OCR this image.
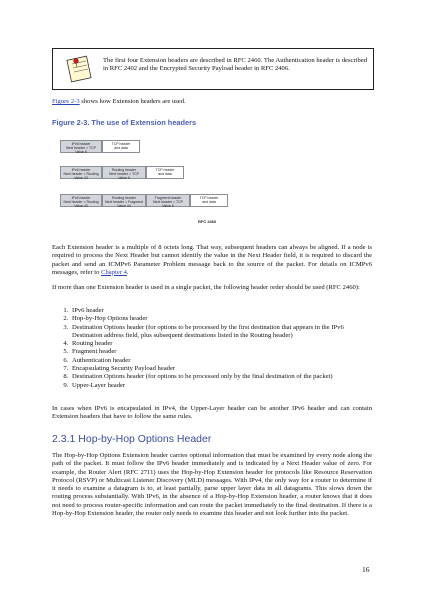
The first four Extension headers are described in RFC 2460. The Authentication header is described in RFC 2402 and the Encrypted Security Payload header in RFC 2406.
Figure 2-3 shows how Extension headers are used.
Figure 2-3. The use of Extension headers
IPv6 header
Next header = TCP
Value 6
TCP header
and data
IPv6 header
Next header = Routing
Value 43
Routing header
Next header = TCP
Value 6
TCP header
and data
IPv6 header
Next header = Routing
Value 43
Routing header
Next header = Fragment
Value 44
Fragment header
Next header = TCP
Value 6
TCP header
and data
RFC 2460
Each Extension header is a multiple of 8 octets long. That way, subsequent headers can always be aligned. If a node is required to process the Next Header but cannot identify the value in the Next Header field, it is required to discard the packet and send an ICMPv6 Parameter Problem message back to the source of the packet. For details on ICMPv6 messages, refer to Chapter 4.
If more than one Extension header is used in a single packet, the following header order should be used (RFC 2460):
1. IPv6 header
2. Hop-by-Hop Options header
3. Destination Options header (for options to be processed by the first destination that appears in the IPv6 Destination address field, plus subsequent destinations listed in the Routing header)
4. Routing header
5. Fragment header
6. Authentication header
7. Encapsulating Security Payload header
8. Destination Options header (for options to be processed only by the final destination of the packet)
9. Upper-Layer header
In cases when IPv6 is encapsulated in IPv4, the Upper-Layer header can be another IPv6 header and can contain Extension headers that have to follow the same rules.
2.3.1 Hop-by-Hop Options Header
The Hop-by-Hop Options Extension header carries optional information that must be examined by every node along the path of the packet. It must follow the IPv6 header immediately and is indicated by a Next Header value of zero. For example, the Router Alert (RFC 2711) uses the Hop-by-Hop Extension header for protocols like Resource Reservation Protocol (RSVP) or Multicast Listener Discovery (MLD) messages. With IPv4, the only way for a router to determine if it needs to examine a datagram is to, at least partially, parse upper layer data in all datagrams. This slows down the routing process substantially. With IPv6, in the absence of a Hop-by-Hop Extension header, a router knows that it does not need to process router-specific information and can route the packet immediately to the final destination. If there is a Hop-by-Hop Extension header, the router only needs to examine this header and not look further into the packet.
16
